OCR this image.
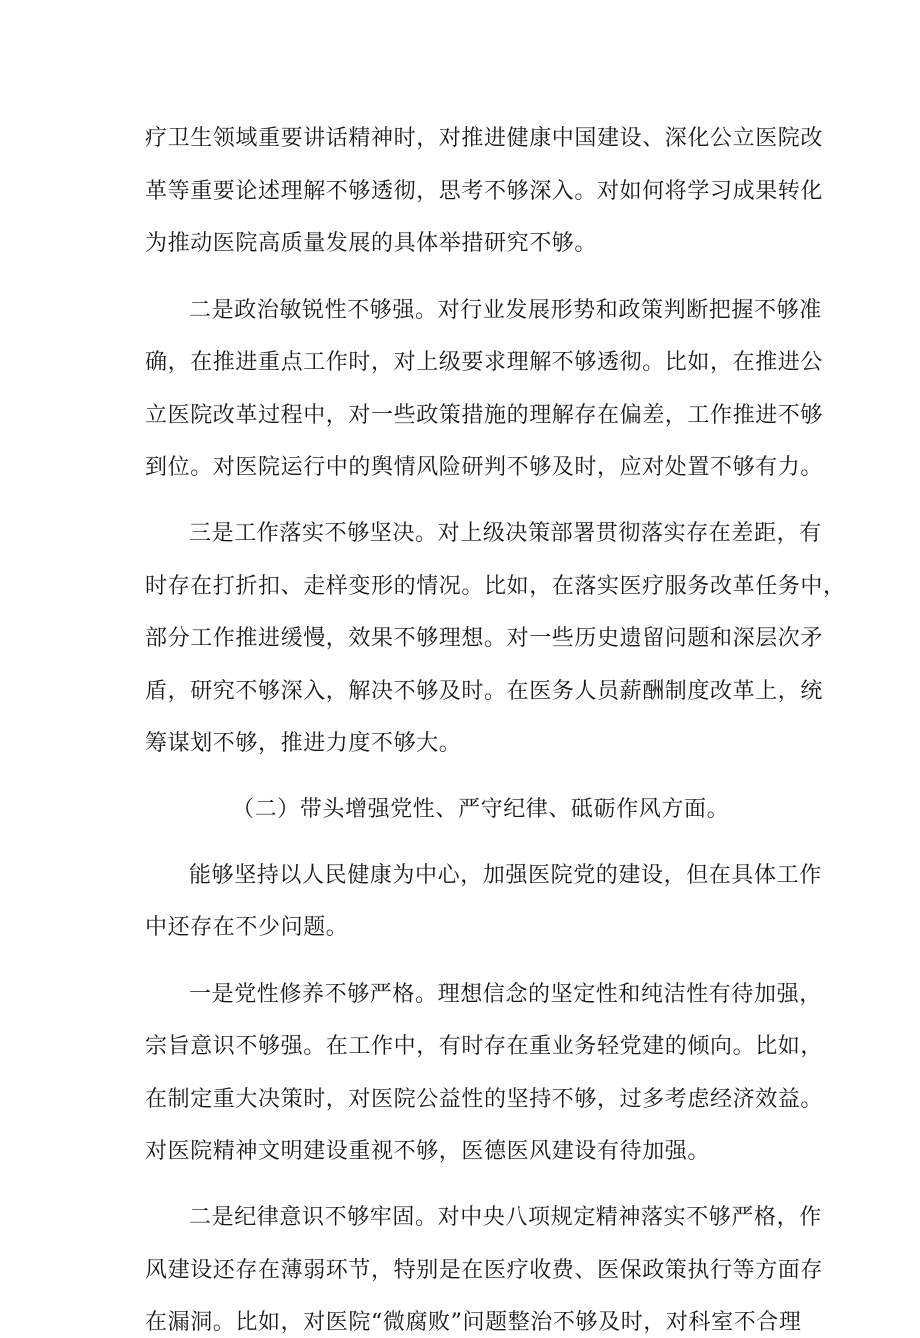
疗卫生领域重要讲话精神时，对推进健康中国建设、深化公立医院改
革等重要论述理解不够透彻，思考不够深入。对如何将学习成果转化
为推动医院高质量发展的具体举措研究不够。
二是政治敏锐性不够强。对行业发展形势和政策判断把握不够准
确，在推进重点工作时，对上级要求理解不够透彻。比如，在推进公
立医院改革过程中，对一些政策措施的理解存在偏差，工作推进不够
到位。对医院运行中的舆情风险研判不够及时，应对处置不够有力。
三是工作落实不够坚决。对上级决策部署贯彻落实存在差距，有
时存在打折扣、走样变形的情况。比如，在落实医疗服务改革任务中，
部分工作推进缓慢，效果不够理想。对一些历史遗留问题和深层次矛
盾，研究不够深入，解决不够及时。在医务人员薪酬制度改革上，统
筹谋划不够，推进力度不够大。
（二）带头增强党性、严守纪律、砥砺作风方面。
能够坚持以人民健康为中心，加强医院党的建设，但在具体工作
中还存在不少问题。
一是党性修养不够严格。理想信念的坚定性和纯洁性有待加强，
宗旨意识不够强。在工作中，有时存在重业务轻党建的倾向。比如，
在制定重大决策时，对医院公益性的坚持不够，过多考虑经济效益。
对医院精神文明建设重视不够，医德医风建设有待加强。
二是纪律意识不够牢固。对中央八项规定精神落实不够严格，作
风建设还存在薄弱环节，特别是在医疗收费、医保政策执行等方面存
在漏洞。比如，对医院“微腐败”问题整治不够及时，对科室不合理
